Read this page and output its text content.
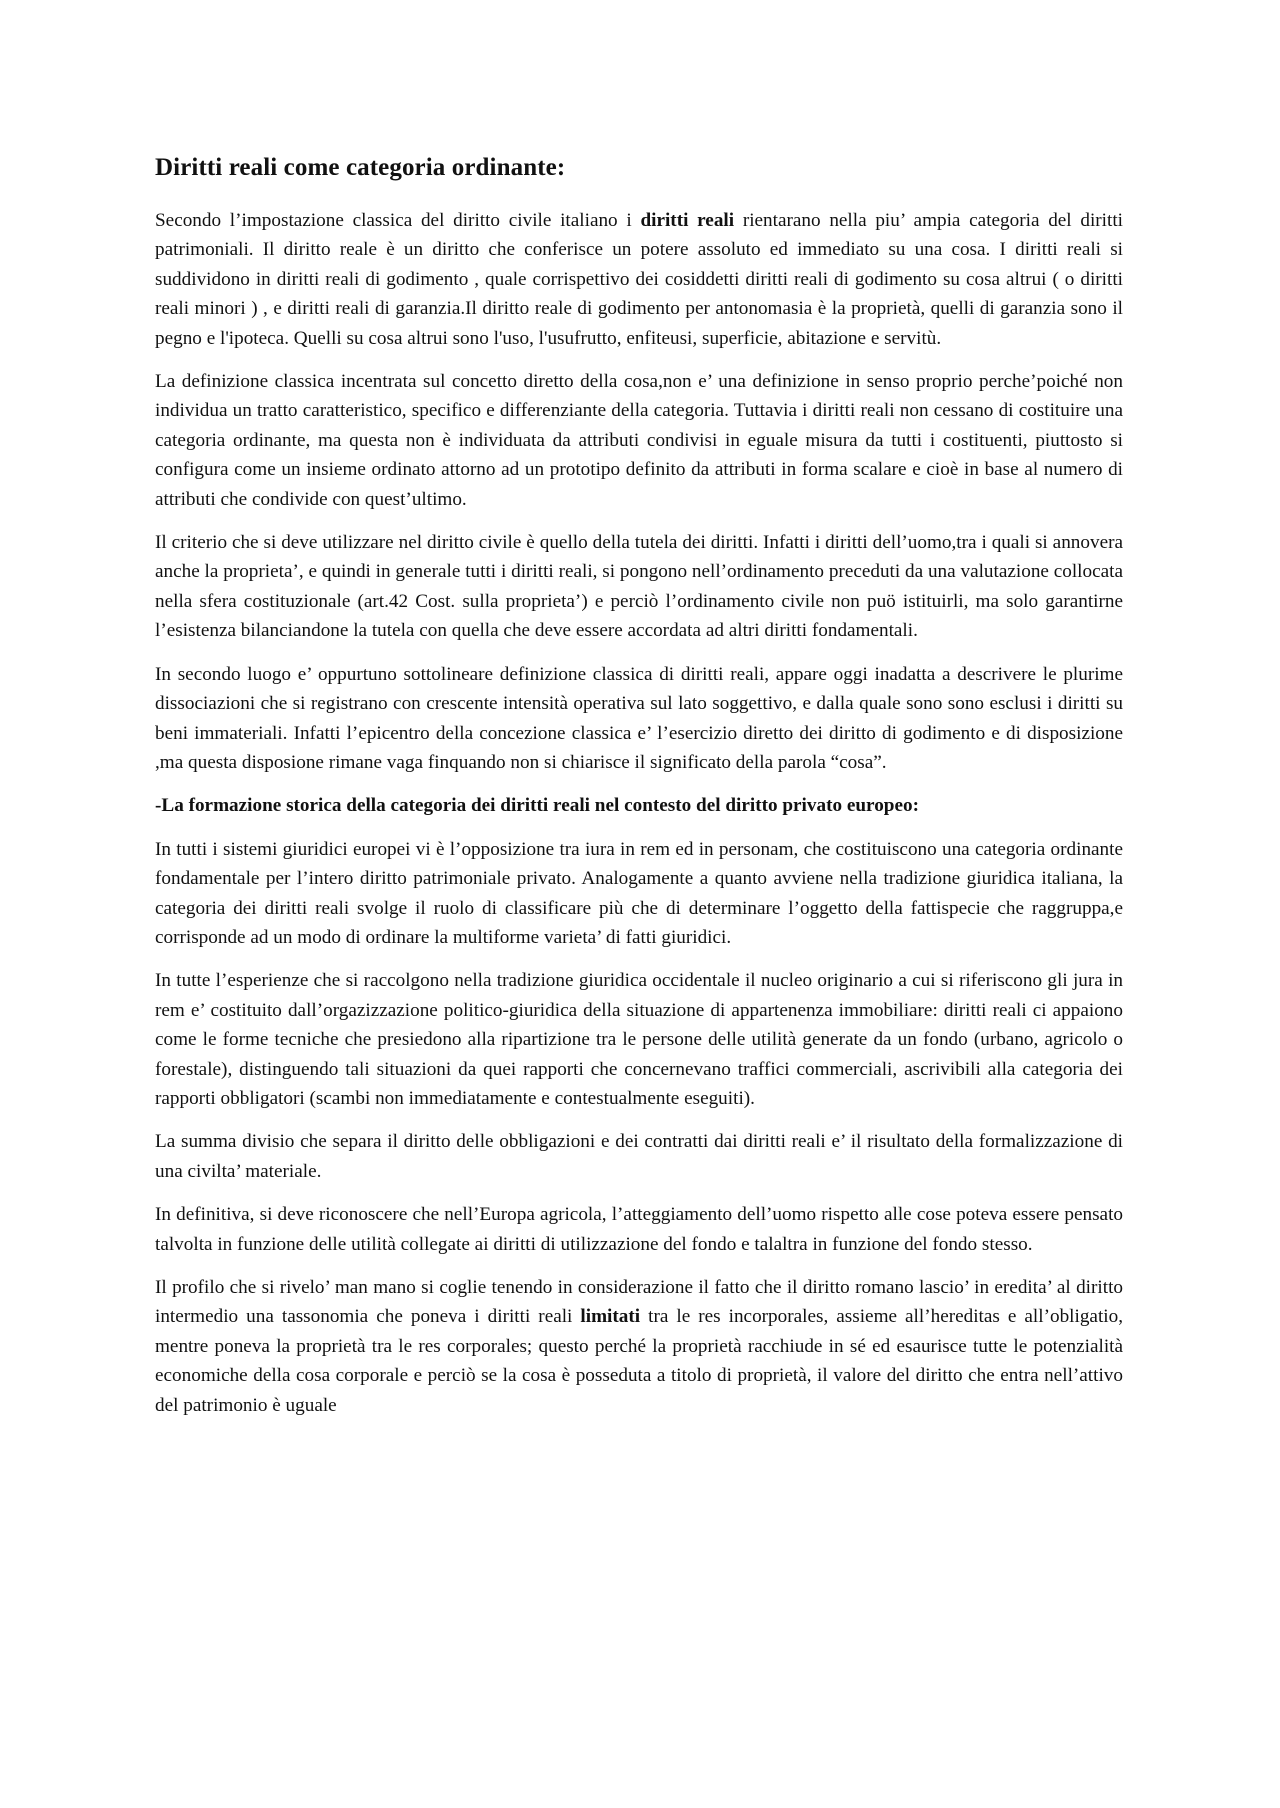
Diritti reali come categoria ordinante:

Secondo l’impostazione classica del diritto civile italiano i diritti reali rientarano nella piu’ ampia categoria del diritti patrimoniali. Il diritto reale è un diritto che conferisce un potere assoluto ed immediato su una cosa. I diritti reali si suddividono in diritti reali di godimento , quale corrispettivo dei cosiddetti diritti reali di godimento su cosa altrui ( o diritti reali minori ) , e diritti reali di garanzia.Il diritto reale di godimento per antonomasia è la proprietà, quelli di garanzia sono il pegno e l'ipoteca. Quelli su cosa altrui sono l'uso, l'usufrutto, enfiteusi, superficie, abitazione e servitù.

La definizione classica incentrata sul concetto diretto della cosa,non e’ una definizione in senso proprio perche’poiché non individua un tratto caratteristico, specifico e differenziante della categoria. Tuttavia i diritti reali non cessano di costituire una categoria ordinante, ma questa non è individuata da attributi condivisi in eguale misura da tutti i costituenti, piuttosto si configura come un insieme ordinato attorno ad un prototipo definito da attributi in forma scalare e cioè in base al numero di attributi che condivide con quest’ultimo.

Il criterio che si deve utilizzare nel diritto civile è quello della tutela dei diritti. Infatti i diritti dell’uomo,tra i quali si annovera anche la proprieta’, e quindi in generale tutti i diritti reali, si pongono nell’ordinamento preceduti da una valutazione collocata nella sfera costituzionale (art.42 Cost. sulla proprieta’) e perciò l’ordinamento civile non puö istituirli, ma solo garantirne l’esistenza bilanciandone la tutela con quella che deve essere accordata ad altri diritti fondamentali.

In secondo luogo e’ oppurtuno sottolineare definizione classica di diritti reali, appare oggi inadatta a descrivere le plurime dissociazioni che si registrano con crescente intensità operativa sul lato soggettivo, e dalla quale sono sono esclusi i diritti su beni immateriali. Infatti l’epicentro della concezione classica e’ l’esercizio diretto dei diritto di godimento e di disposizione ,ma questa disposione rimane vaga finquando non si chiarisce il significato della parola “cosa”.

-La formazione storica della categoria dei diritti reali nel contesto del diritto privato europeo:

In tutti i sistemi giuridici europei vi è l’opposizione tra iura in rem ed in personam, che costituiscono una categoria ordinante fondamentale per l’intero diritto patrimoniale privato. Analogamente a quanto avviene nella tradizione giuridica italiana, la categoria dei diritti reali svolge il ruolo di classificare più che di determinare l’oggetto della fattispecie che raggruppa,e corrisponde ad un modo di ordinare la multiforme varieta’ di fatti giuridici.

In tutte l’esperienze che si raccolgono nella tradizione giuridica occidentale il nucleo originario a cui si riferiscono gli jura in rem e’ costituito dall’orgazizzazione politico-giuridica della situazione di appartenenza immobiliare: diritti reali ci appaiono come le forme tecniche che presiedono alla ripartizione tra le persone delle utilità generate da un fondo (urbano, agricolo o forestale), distinguendo tali situazioni da quei rapporti che concernevano traffici commerciali, ascrivibili alla categoria dei rapporti obbligatori (scambi non immediatamente e contestualmente eseguiti).

La summa divisio che separa il diritto delle obbligazioni e dei contratti dai diritti reali e’ il risultato della formalizzazione di una civilta’ materiale.

In definitiva, si deve riconoscere che nell’Europa agricola, l’atteggiamento dell’uomo rispetto alle cose poteva essere pensato talvolta in funzione delle utilità collegate ai diritti di utilizzazione del fondo e talaltra in funzione del fondo stesso.

Il profilo che si rivelo’ man mano si coglie tenendo in considerazione il fatto che il diritto romano lascio’ in eredita’ al diritto intermedio una tassonomia che poneva i diritti reali limitati tra le res incorporales, assieme all’hereditas e all’obligatio, mentre poneva la proprietà tra le res corporales; questo perché la proprietà racchiude in sé ed esaurisce tutte le potenzialità economiche della cosa corporale e perciò se la cosa è posseduta a titolo di proprietà, il valore del diritto che entra nell’attivo del patrimonio è uguale
